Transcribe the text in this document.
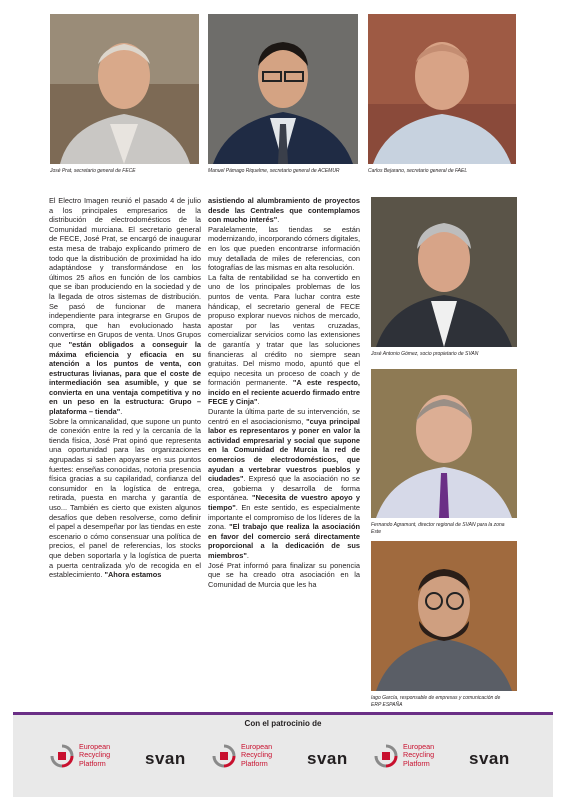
José Prat, secretario general de FECE	Manuel Pámago Riquelme, secretario general de ACEMUR	Carlos Bejarano, secretario general de FAEL
José Antonio Gómez, socio propietario de SVAN
Fernando Agramunt, director regional de SVAN para la zona Este
Iago García, responsable de empresas y comunicación de ERP ESPAÑA

El Electro Imagen reunió el pasado 4 de julio a los principales empresarios de la distribución de electrodomésticos de la Comunidad murciana. El secretario general de FECE, José Prat, se encargó de inaugurar esta mesa de trabajo explicando primero de todo que la distribución de proximidad ha ido adaptándose y transformándose en los últimos 25 años en función de los cambios que se iban produciendo en la sociedad y de la llegada de otros sistemas de distribución. Se pasó de funcionar de manera independiente para integrarse en Grupos de compra, que han evolucionado hasta convertirse en Grupos de venta. Unos Grupos que "están obligados a conseguir la máxima eficiencia y eficacia en su atención a los puntos de venta, con estructuras livianas, para que el coste de intermediación sea asumible, y que se convierta en una ventaja competitiva y no en un peso en la estructura: Grupo – plataforma – tienda".

Sobre la omnicanalidad, que supone un punto de conexión entre la red y la cercanía de la tienda física, José Prat opinó que representa una oportunidad para las organizaciones agrupadas si saben apoyarse en sus puntos fuertes: enseñas conocidas, notoria presencia física gracias a su capilaridad, confianza del consumidor en la logística de entrega, retirada, puesta en marcha y garantía de uso... También es cierto que existen algunos desafíos que deben resolverse, como definir el papel a desempeñar por las tiendas en este escenario o cómo consensuar una política de precios, el panel de referencias, los stocks que deben soportarla y la logística de puerta a puerta centralizada y/o de recogida en el establecimiento. "Ahora estamos

asistiendo al alumbramiento de proyectos desde las Centrales que contemplamos con mucho interés".

Paralelamente, las tiendas se están modernizando, incorporando córners digitales, en los que pueden encontrarse información muy detallada de miles de referencias, con fotografías de las mismas en alta resolución.

La falta de rentabilidad se ha convertido en uno de los principales problemas de los puntos de venta. Para luchar contra este hándicap, el secretario general de FECE propuso explorar nuevos nichos de mercado, apostar por las ventas cruzadas, comercializar servicios como las extensiones de garantía y tratar que las soluciones financieras al crédito no siempre sean gratuitas. Del mismo modo, apuntó que el equipo necesita un proceso de coach y de formación permanente. "A este respecto, incido en el reciente acuerdo firmado entre FECE y Cinja".

Durante la última parte de su intervención, se centró en el asociacionismo, "cuya principal labor es representaros y poner en valor la actividad empresarial y social que supone en la Comunidad de Murcia la red de comercios de electrodomésticos, que ayudan a vertebrar vuestros pueblos y ciudades". Expresó que la asociación no se crea, gobierna y desarrolla de forma espontánea. "Necesita de vuestro apoyo y tiempo". En este sentido, es especialmente importante el compromiso de los líderes de la zona. "El trabajo que realiza la asociación en favor del comercio será directamente proporcional a la dedicación de sus miembros".

José Prat informó para finalizar su ponencia que se ha creado otra asociación en la Comunidad de Murcia que les ha

Con el patrocinio de
European
Recycling
Platform svan
European
Recycling
Platform svan
European
Recycling
Platform svan
